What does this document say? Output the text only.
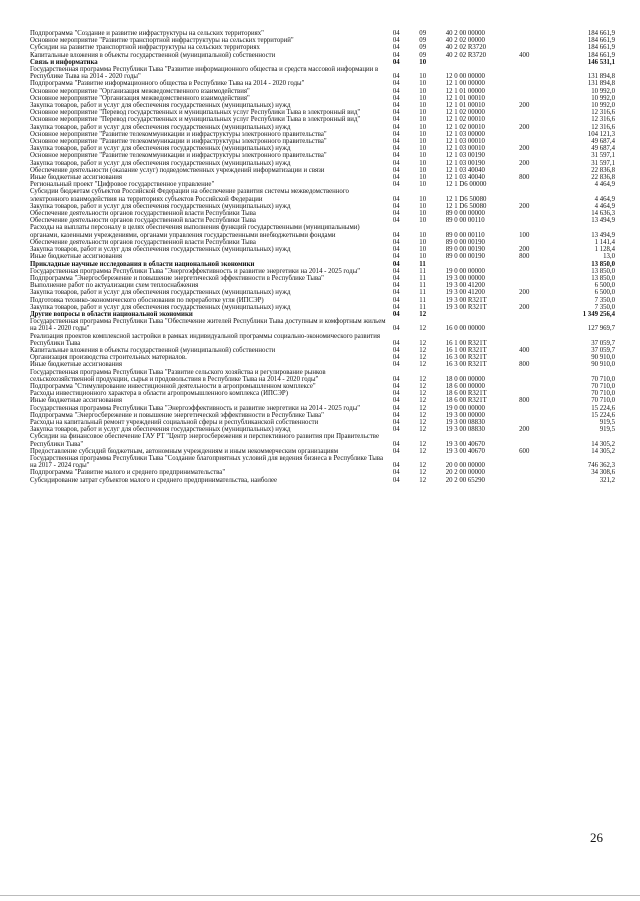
Подпрограмма "Создание и развитие инфраструктуры на сельских территориях"	04	09	40 2 00 00000		184 661,9
Основное мероприятие "Развитие транспортной инфраструктуры на сельских территорий"	04	09	40 2 02 00000		184 661,9
Субсидии на развитие транспортной инфраструктуры на сельских территориях	04	09	40 2 02 R3720		184 661,9
Капитальные вложения в объекты государственной (муниципальной) собственности	04	09	40 2 02 R3720	400	184 661,9
Связь и информатика	04	10			146 531,1
Государственная программа Республики Тыва "Развитие информационного общества и средств массовой информации в Республике Тыва на 2014 - 2020 годы"	04	10	12 0 00 00000		131 894,8
Подпрограмма "Развитие информационного общества в Республике Тыва на 2014 - 2020 годы"	04	10	12 1 00 00000		131 894,8
Основное мероприятие "Организация межведомственного взаимодействия"	04	10	12 1 01 00000		10 992,0
Основное мероприятие "Организация межведомственного взаимодействия"	04	10	12 1 01 00010		10 992,0
Закупка товаров, работ и услуг для обеспечения государственных (муниципальных) нужд	04	10	12 1 01 00010	200	10 992,0
Основное мероприятие "Перевод государственных и муниципальных услуг Республики Тыва в электронный вид"	04	10	12 1 02 00000		12 316,6
Основное мероприятие "Перевод государственных и муниципальных услуг Республики Тыва в электронный вид"	04	10	12 1 02 00010		12 316,6
Закупка товаров, работ и услуг для обеспечения государственных (муниципальных) нужд	04	10	12 1 02 00010	200	12 316,6
Основное мероприятие "Развитие телекоммуникации и инфраструктуры электронного правительства"	04	10	12 1 03 00000		104 121,3
Основное мероприятие "Развитие телекоммуникации и инфраструктуры электронного правительства"	04	10	12 1 03 00010		49 687,4
Закупка товаров, работ и услуг для обеспечения государственных (муниципальных) нужд	04	10	12 1 03 00010	200	49 687,4
Основное мероприятие "Развитие телекоммуникации и инфраструктуры электронного правительства"	04	10	12 1 03 00190		31 597,1
Закупка товаров, работ и услуг для обеспечения государственных (муниципальных) нужд	04	10	12 1 03 00190	200	31 597,1
Обеспечение деятельности (оказание услуг) подведомственных учреждений информатизации и связи	04	10	12 1 03 40040		22 836,8
Иные бюджетные ассигнования	04	10	12 1 03 40040	800	22 836,8
Региональный проект "Цифровое государственное управление"	04	10	12 1 D6 00000		4 464,9
Субсидии бюджетам субъектов Российской Федерации на обеспечение развития системы межведомственного электронного взаимодействия на территориях субъектов Российской Федерации	04	10	12 1 D6 50080		4 464,9
Закупка товаров, работ и услуг для обеспечения государственных (муниципальных) нужд	04	10	12 1 D6 50080	200	4 464,9
Обеспечение деятельности органов государственной власти Республики Тыва	04	10	89 0 00 00000		14 636,3
Обеспечение деятельности органов государственной власти Республики Тыва	04	10	89 0 00 00110		13 494,9
Расходы на выплаты персоналу в целях обеспечения выполнения функций государственными (муниципальными) органами, казенными учреждениями, органами управления государственными внебюджетными фондами	04	10	89 0 00 00110	100	13 494,9
Обеспечение деятельности органов государственной власти Республики Тыва	04	10	89 0 00 00190		1 141,4
Закупка товаров, работ и услуг для обеспечения государственных (муниципальных) нужд	04	10	89 0 00 00190	200	1 128,4
Иные бюджетные ассигнования	04	10	89 0 00 00190	800	13,0
Прикладные научные исследования в области национальной экономики	04	11			13 850,0
Государственная программа Республики Тыва "Энергоэффективность и развитие энергетики на 2014 - 2025 годы"	04	11	19 0 00 00000		13 850,0
Подпрограмма "Энергосбережение и повышение энергетической эффективности в Республике Тыва"	04	11	19 3 00 00000		13 850,0
Выполнение работ по актуализации схем теплоснабжения	04	11	19 3 00 41200		6 500,0
Закупка товаров, работ и услуг для обеспечения государственных (муниципальных) нужд	04	11	19 3 00 41200	200	6 500,0
Подготовка технико-экономического обоснования по переработке угля (ИПСЭР)	04	11	19 3 00 R321T		7 350,0
Закупка товаров, работ и услуг для обеспечения государственных (муниципальных) нужд	04	11	19 3 00 R321T	200	7 350,0
Другие вопросы в области национальной экономики	04	12			1 349 256,4
Государственная программа Республики Тыва "Обеспечение жителей Республики Тыва доступным и комфортным жильем на 2014 - 2020 годы"	04	12	16 0 00 00000		127 969,7
Реализация проектов комплексной застройки в рамках индивидуальной программы социально-экономического развития Республики Тыва	04	12	16 1 00 R321T		37 059,7
Капитальные вложения в объекты государственной (муниципальной) собственности	04	12	16 1 00 R321T	400	37 059,7
Организация производства строительных материалов.	04	12	16 3 00 R321T		90 910,0
Иные бюджетные ассигнования	04	12	16 3 00 R321T	800	90 910,0
Государственная программа Республики Тыва "Развитие сельского хозяйства и регулирование рынков сельскохозяйственной продукции, сырья и продовольствия в Республике Тыва на 2014 - 2020 годы"	04	12	18 0 00 00000		70 710,0
Подпрограмма "Стимулирование инвестиционной деятельности в агропромышленном комплексе"	04	12	18 6 00 00000		70 710,0
Расходы инвестиционного характера в области агропромышленного комплекса (ИПСЭР)	04	12	18 6 00 R321T		70 710,0
Иные бюджетные ассигнования	04	12	18 6 00 R321T	800	70 710,0
Государственная программа Республики Тыва "Энергоэффективность и развитие энергетики на 2014 - 2025 годы"	04	12	19 0 00 00000		15 224,6
Подпрограмма "Энергосбережение и повышение энергетической эффективности в Республике Тыва"	04	12	19 3 00 00000		15 224,6
Расходы на капитальный ремонт учреждений социальной сферы и республиканской собственности	04	12	19 3 00 08830		919,5
Закупка товаров, работ и услуг для обеспечения государственных (муниципальных) нужд	04	12	19 3 00 08830	200	919,5
Субсидии на финансовое обеспечение ГАУ РТ "Центр энергосбережения и перспективного развития при Правительстве Республики Тыва"	04	12	19 3 00 40670		14 305,2
Предоставление субсидий бюджетным, автономным учреждениям и иным некоммерческим организациям	04	12	19 3 00 40670	600	14 305,2
Государственная программа Республики Тыва "Создание благоприятных условий для ведения бизнеса в Республике Тыва на 2017 - 2024 годы"	04	12	20 0 00 00000		746 362,3
Подпрограмма "Развитие малого и среднего предпринимательства"	04	12	20 2 00 00000		34 308,6
Субсидирование затрат субъектов малого и среднего предпринимательства, наиболее	04	12	20 2 00 65290		321,2
26
